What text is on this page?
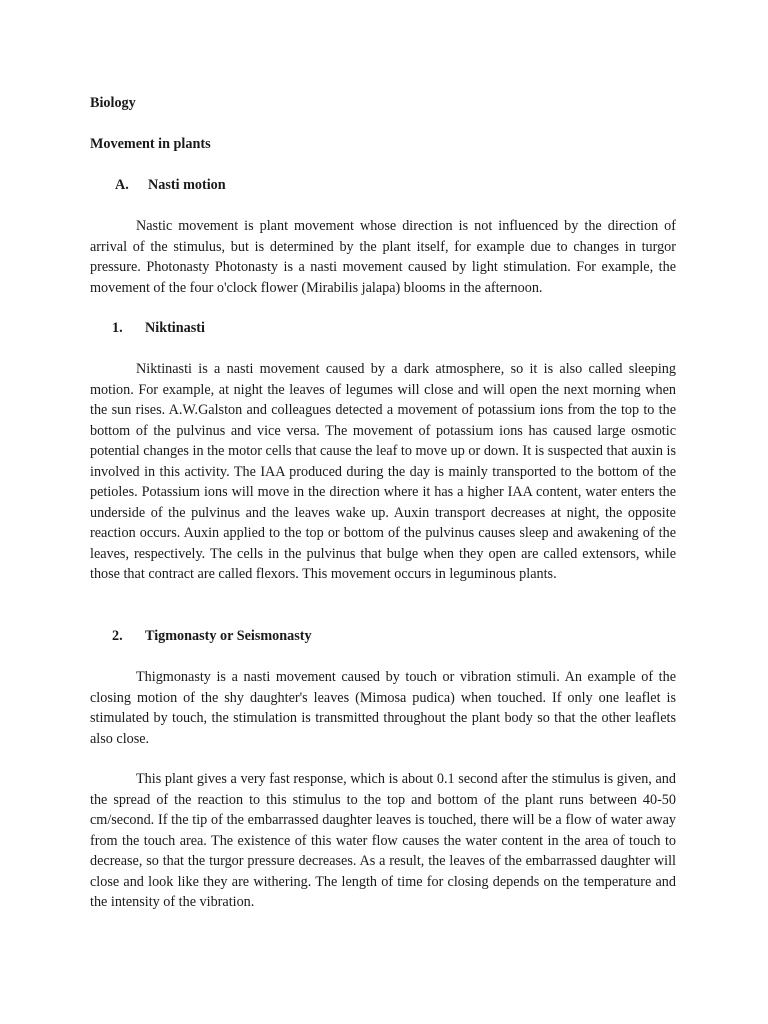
Biology
Movement in plants
A. Nasti motion

Nastic movement is plant movement whose direction is not influenced by the direction of arrival of the stimulus, but is determined by the plant itself, for example due to changes in turgor pressure. Photonasty Photonasty is a nasti movement caused by light stimulation. For example, the movement of the four o'clock flower (Mirabilis jalapa) blooms in the afternoon.

1. Niktinasti

Niktinasti is a nasti movement caused by a dark atmosphere, so it is also called sleeping motion. For example, at night the leaves of legumes will close and will open the next morning when the sun rises. A.W.Galston and colleagues detected a movement of potassium ions from the top to the bottom of the pulvinus and vice versa. The movement of potassium ions has caused large osmotic potential changes in the motor cells that cause the leaf to move up or down. It is suspected that auxin is involved in this activity. The IAA produced during the day is mainly transported to the bottom of the petioles. Potassium ions will move in the direction where it has a higher IAA content, water enters the underside of the pulvinus and the leaves wake up. Auxin transport decreases at night, the opposite reaction occurs. Auxin applied to the top or bottom of the pulvinus causes sleep and awakening of the leaves, respectively. The cells in the pulvinus that bulge when they open are called extensors, while those that contract are called flexors. This movement occurs in leguminous plants.

2. Tigmonasty or Seismonasty

Thigmonasty is a nasti movement caused by touch or vibration stimuli. An example of the closing motion of the shy daughter's leaves (Mimosa pudica) when touched. If only one leaflet is stimulated by touch, the stimulation is transmitted throughout the plant body so that the other leaflets also close.

This plant gives a very fast response, which is about 0.1 second after the stimulus is given, and the spread of the reaction to this stimulus to the top and bottom of the plant runs between 40-50 cm/second. If the tip of the embarrassed daughter leaves is touched, there will be a flow of water away from the touch area. The existence of this water flow causes the water content in the area of touch to decrease, so that the turgor pressure decreases. As a result, the leaves of the embarrassed daughter will close and look like they are withering. The length of time for closing depends on the temperature and the intensity of the vibration.
